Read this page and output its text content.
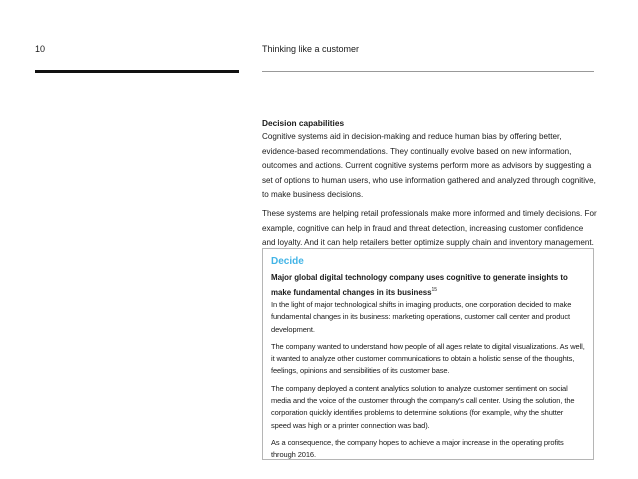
10	Thinking like a customer
Decision capabilities

Cognitive systems aid in decision-making and reduce human bias by offering better, evidence-based recommendations. They continually evolve based on new information, outcomes and actions. Current cognitive systems perform more as advisors by suggesting a set of options to human users, who use information gathered and analyzed through cognitive, to make business decisions.

These systems are helping retail professionals make more informed and timely decisions. For example, cognitive can help in fraud and threat detection, increasing customer confidence and loyalty. And it can help retailers better optimize supply chain and inventory management.

Decide
Major global digital technology company uses cognitive to generate insights to make fundamental changes in its business$^{15}$

In the light of major technological shifts in imaging products, one corporation decided to make fundamental changes in its business: marketing operations, customer call center and product development.

The company wanted to understand how people of all ages relate to digital visualizations. As well, it wanted to analyze other customer communications to obtain a holistic sense of the thoughts, feelings, opinions and sensibilities of its customer base.

The company deployed a content analytics solution to analyze customer sentiment on social media and the voice of the customer through the company's call center. Using the solution, the corporation quickly identifies problems to determine solutions (for example, why the shutter speed was high or a printer connection was bad).

As a consequence, the company hopes to achieve a major increase in the operating profits through 2016.
